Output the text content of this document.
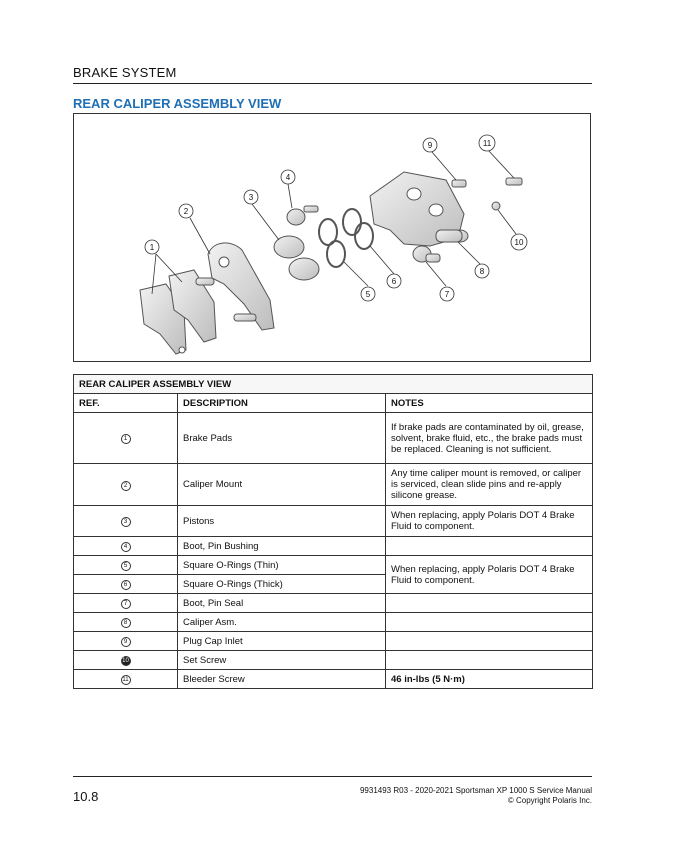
BRAKE SYSTEM
REAR CALIPER ASSEMBLY VIEW
1
2
3
4
5
6
7
8
9
10
11
REAR CALIPER ASSEMBLY VIEW		
REF.	DESCRIPTION	NOTES
1	Brake Pads	If brake pads are contaminated by oil, grease, solvent, brake fluid, etc., the brake pads must be replaced. Cleaning is not sufficient.
2	Caliper Mount	Any time caliper mount is removed, or caliper is serviced, clean slide pins and re-apply silicone grease.
3	Pistons	When replacing, apply Polaris DOT 4 Brake Fluid to component.
4	Boot, Pin Bushing	
5	Square O-Rings (Thin)	When replacing, apply Polaris DOT 4 Brake Fluid to component.
6	Square O-Rings (Thick)	
7	Boot, Pin Seal	
8	Caliper Asm.	
9	Plug Cap Inlet	
10	Set Screw	
11	Bleeder Screw	46 in-lbs (5 N·m)
10.8	9931493 R03 - 2020-2021 Sportsman XP 1000 S Service Manual
© Copyright Polaris Inc.
